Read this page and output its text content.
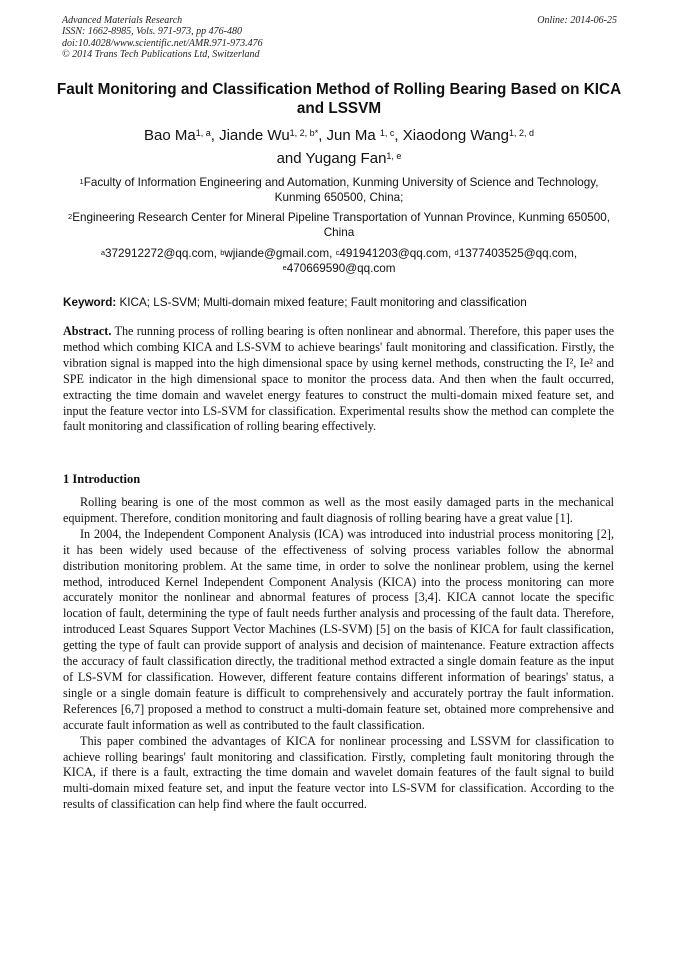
Advanced Materials Research
ISSN: 1662-8985, Vols. 971-973, pp 476-480
doi:10.4028/www.scientific.net/AMR.971-973.476
© 2014 Trans Tech Publications Ltd, Switzerland
Online: 2014-06-25
Fault Monitoring and Classification Method of Rolling Bearing Based on KICA and LSSVM
Bao Ma$^{1, a}$, Jiande $Wu^{1, 2, b*}$, Jun Ma $^{1, c}$, Xiaodong Wang$^{1, 2, d}$
and Yugang Fan$^{1, e}$
$^1$Faculty of Information Engineering and Automation, Kunming University of Science and Technology, Kunming 650500, China;
$^2$Engineering Research Center for Mineral Pipeline Transportation of Yunnan Province, Kunming 650500, China
$^a$372912272@qq.com, $^b$wjiande@gmail.com, $^c$491941203@qq.com, $^d$1377403525@qq.com, $^e$470669590@qq.com
Keyword: KICA; LS-SVM; Multi-domain mixed feature; Fault monitoring and classification

Abstract. The running process of rolling bearing is often nonlinear and abnormal. Therefore, this paper uses the method which combing KICA and LS-SVM to achieve bearings' fault monitoring and classification. Firstly, the vibration signal is mapped into the high dimensional space by using kernel methods, constructing the I², Ie² and SPE indicator in the high dimensional space to monitor the process data. And then when the fault occurred, extracting the time domain and wavelet energy features to construct the multi-domain mixed feature set, and input the feature vector into LS-SVM for classification. Experimental results show the method can complete the fault monitoring and classification of rolling bearing effectively.

1 Introduction

Rolling bearing is one of the most common as well as the most easily damaged parts in the mechanical equipment. Therefore, condition monitoring and fault diagnosis of rolling bearing have a great value [1].

In 2004, the Independent Component Analysis (ICA) was introduced into industrial process monitoring [2], it has been widely used because of the effectiveness of solving process variables follow the abnormal distribution monitoring problem. At the same time, in order to solve the nonlinear problem, using the kernel method, introduced Kernel Independent Component Analysis (KICA) into the process monitoring can more accurately monitor the nonlinear and abnormal features of process [3,4]. KICA cannot locate the specific location of fault, determining the type of fault needs further analysis and processing of the fault data. Therefore, introduced Least Squares Support Vector Machines (LS-SVM) [5] on the basis of KICA for fault classification, getting the type of fault can provide support of analysis and decision of maintenance. Feature extraction affects the accuracy of fault classification directly, the traditional method extracted a single domain feature as the input of LS-SVM for classification. However, different feature contains different information of bearings' status, a single or a single domain feature is difficult to comprehensively and accurately portray the fault information. References [6,7] proposed a method to construct a multi-domain feature set, obtained more comprehensive and accurate fault information as well as contributed to the fault classification.

This paper combined the advantages of KICA for nonlinear processing and LSSVM for classification to achieve rolling bearings' fault monitoring and classification. Firstly, completing fault monitoring through the KICA, if there is a fault, extracting the time domain and wavelet domain features of the fault signal to build multi-domain mixed feature set, and input the feature vector into LS-SVM for classification. According to the results of classification can help find where the fault occurred.
